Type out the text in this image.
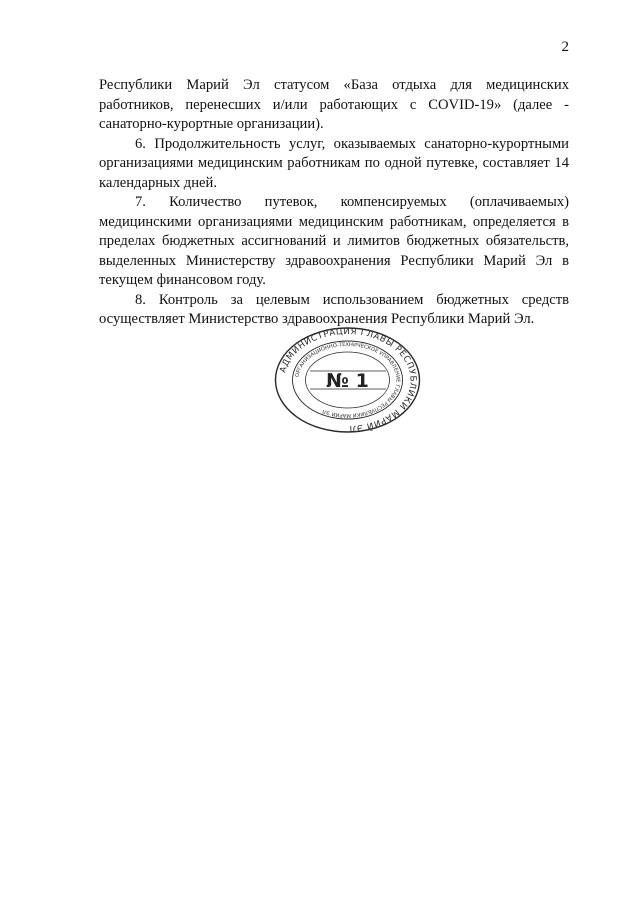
2

Республики Марий Эл статусом «База отдыха для медицинских работников, перенесших и/или работающих с COVID-19» (далее - санаторно-курортные организации).

6. Продолжительность услуг, оказываемых санаторно-курортными организациями медицинским работникам по одной путевке, составляет 14 календарных дней.

7. Количество путевок, компенсируемых (оплачиваемых) медицинскими организациями медицинским работникам, определяется в пределах бюджетных ассигнований и лимитов бюджетных обязательств, выделенных Министерству здравоохранения Республики Марий Эл в текущем финансовом году.

8. Контроль за целевым использованием бюджетных средств осуществляет Министерство здравоохранения Республики Марий Эл.

АДМИНИСТРАЦИЯ ГЛАВЫ РЕСПУБЛИКИ МАРИЙ ЭЛ
ОРГАНИЗАЦИОННО-ТЕХНИЧЕСКОЕ УПРАВЛЕНИЕ ГЛАВЫ РЕСПУБЛИКИ МАРИЙ ЭЛ
№ 1
